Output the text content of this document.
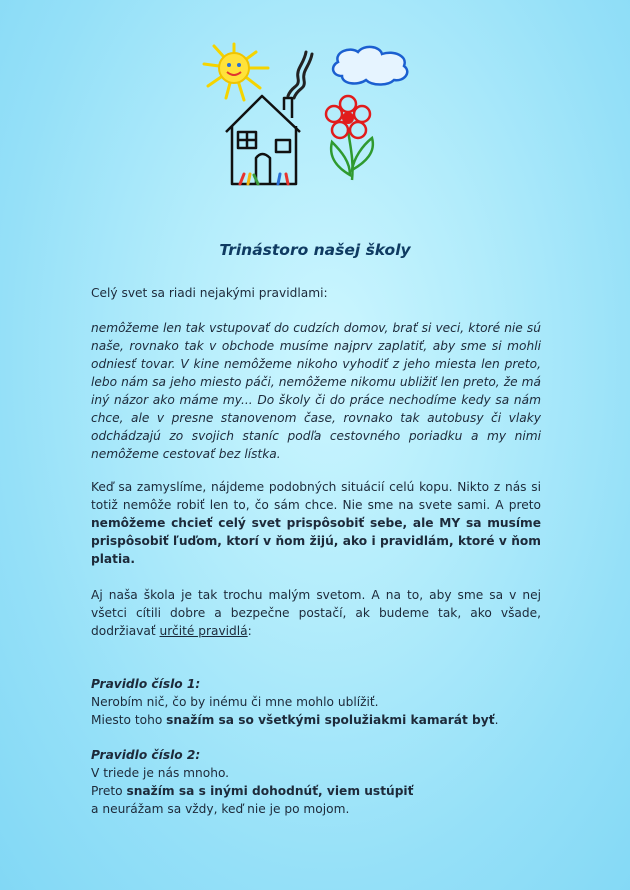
Trinástoro našej školy

Celý svet sa riadi nejakými pravidlami:

nemôžeme len tak vstupovať do cudzích domov, brať si veci, ktoré nie sú naše, rovnako tak v obchode musíme najprv zaplatiť, aby sme si mohli odniesť tovar. V kine nemôžeme nikoho vyhodiť z jeho miesta len preto, lebo nám sa jeho miesto páči, nemôžeme nikomu ubližiť len preto, že má iný názor ako máme my... Do školy či do práce nechodíme kedy sa nám chce, ale v presne stanovenom čase, rovnako tak autobusy či vlaky odchádzajú zo svojich staníc podľa cestovného poriadku a my nimi nemôžeme cestovať bez lístka.

Keď sa zamyslíme, nájdeme podobných situácií celú kopu. Nikto z nás si totiž nemôže robiť len to, čo sám chce. Nie sme na svete sami. A preto nemôžeme chcieť celý svet prispôsobiť sebe, ale MY sa musíme prispôsobiť ľuďom, ktorí v ňom žijú, ako i pravidlám, ktoré v ňom platia.

Aj naša škola je tak trochu malým svetom. A na to, aby sme sa v nej všetci cítili dobre a bezpečne postačí, ak budeme tak, ako všade, dodržiavať určité pravidlá:

Pravidlo číslo 1:

Nerobím nič, čo by inému či mne mohlo ublížiť.

Miesto toho snažím sa so všetkými spolužiakmi kamarát byť.

Pravidlo číslo 2:

V triede je nás mnoho.

Preto snažím sa s inými dohodnúť, viem ustúpiť

a neurážam sa vždy, keď nie je po mojom.
